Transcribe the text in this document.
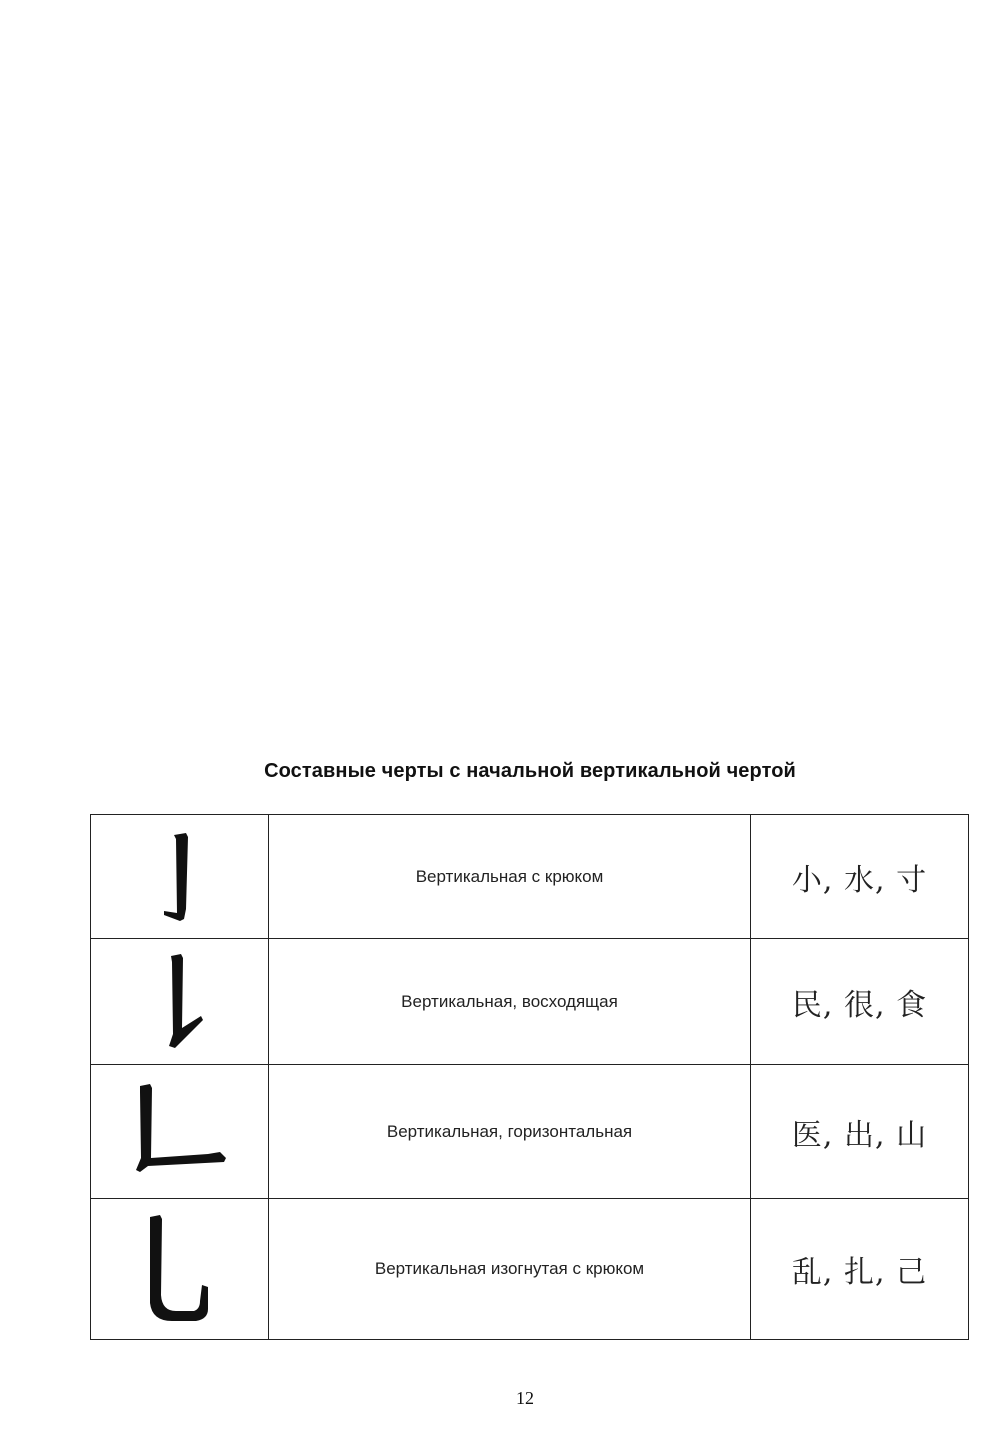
Составные черты с начальной вертикальной чертой
	Вертикальная с крюком	小, 水, 寸

	Вертикальная, восходящая	民, 很, 食

	Вертикальная, горизонтальная	医, 出, 山

	Вертикальная изогнутая с крюком	乱, 扎, 己
12
